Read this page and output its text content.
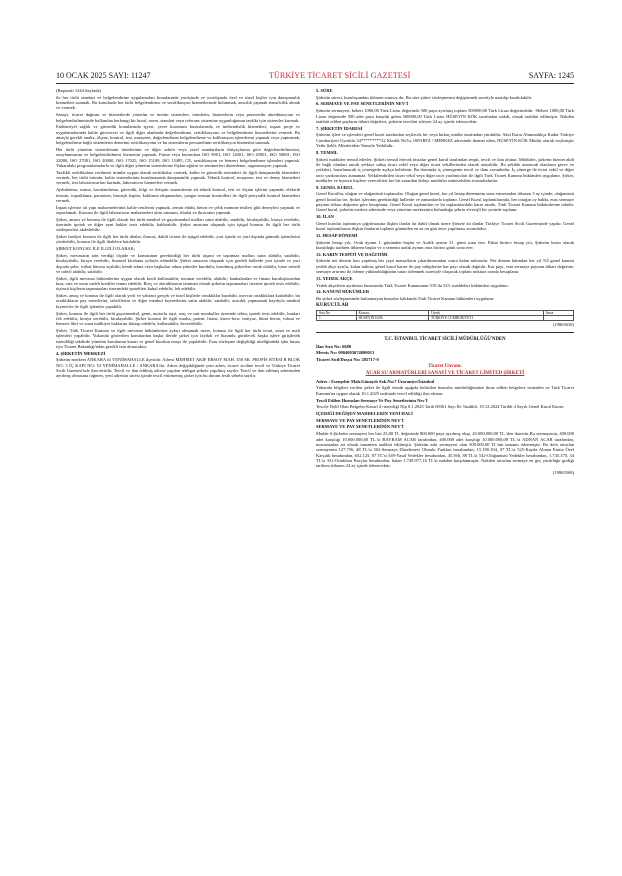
10 OCAK 2025 SAYI: 11247	TÜRKİYE TİCARET SİCİLİ GAZETESİ	SAYFA: 1245

(Baştarafı 1244.Sayfada)

ile her türlü standart ve belgelendirme uygulamaları konularında yurtiçinde ve yurtdışında özel ve tüzel kişiler için danışmanlık hizmetleri sunmak. Bu konularda her türlü belgelendirme ve sertifikasyon hizmetlerinde bulunmak, anıcılık yapmak temsilcilik almak ve vermek.

Sanayi, ticaret dağıtım ve hizmetlerde yönetim ve üretim sistemleri, ürünlerin, hizmetlerin veya personelin akreditasyonu ve belgelendirilmesinde kullanılan herhangi bir kural, norm, standart veya referans sistemine uygunluğunun tasdiki için sistemler kurmak.

Endüstriyel sağlık ve güvenlik konularında işyeri, çevre koruması hususlarında ve mühendislik hizmetleri, inşaat proje ve uygulamalarında kalite güvencesi ve ilgili diğer alanlarda değerlendirme, sertifikasyonu ve belgelendirme hizmetlerini vermek. Bu amaçla gerekli analiz, ölçme, kontrol, test, muayene, değerlendirme belgelendirme ve kalibrasyon işlemlerini yapmak veya yaptırmak, belgelendirme bağlı sistemlerin denetimi sertifikasyonu ve bu sistemlerin personelinin sertifikasyon hizmetini sunmak.

Her türlü yönetim sistemlerinin ürünlerinin ve diğer sektör veya yerel standartların ihtiyaçlarına göre değerlendirilmesini, onaylanmasını ve belgelendirilmesi hizmetini yapmak. Firma veya kurumlara ISO 9001, ISO 14001, ISO 45001, ISO 50001, ISO 22000, ISO 27001, ISO 20000, ISO 17025, ISO 15189, ISO 13485, CE, sertifikasyon ve benzeri belgelendirme işlemleri yapmak. Yukarıdaki programlamalarla ve ilgili diğer yönetim sistemlerine ilişkin eğitim ve seminerleri düzenleme, organizasyon yapmak.

Tasdikli sertifikalara verilmesi ürünler uygun olarak sertifikalar vermek, kalite ve güvenlik sistemleri ile ilgili danışmanlık hizmetleri vermek, her türlü ürünün, kalite sistemlerinin kurulmasında danışmanlık yapmak. Teknik kontrol, muayene, test ve deney hizmetleri vermek, test laboratuvarları kurmak, laboratuvar hizmetleri vermek.

Aydınlatma, ısıtma, havalandırma, güvenlik, bilgi ve iletişim sistemlerine ait teknik kontrol, test ve ölçüm işlerini yapmak; elektrik tesisatı, topraklama, paratoner, basınçlı kaplar, kaldırma ekipmanları, yangın tesisatı kontrolleri ile ilgili periyodik kontrol hizmetleri vermek.

İnşaat işlerine ait yapı malzemelerinin kalite testlerini yapmak, zemin etüdü, beton ve çelik numune testleri gibi deneyleri yapmak ve raporlamak. Konusu ile ilgili laboratuvar malzemeleri alım satımını, ithalat ve ihracatını yapmak.

Şirket, amacı ve konusu ile ilgili olarak her türlü menkul ve gayrimenkul malları satın alabilir, satabilir, kiralayabilir, kiraya verebilir, üzerinde ipotek ve diğer ayni haklar tesis edebilir, kaldırabilir. Şirket amacına ulaşmak için iştigal konusu ile ilgili her türlü sözleşmeleri akdedebilir.

Şirket faaliyet konusu ile ilgili her türlü ithalat, ihracat, dahili ticaret ile iştigal edebilir; yurt içinde ve yurt dışında gümrük işlemlerini yürütebilir, konusu ile ilgili ihalelere katılabilir.

ŞİRKET KONUSU İLE İLGİLİ OLARAK;

Şirket, mevzuatın izin verdiği ölçüde ve konusunun gerektirdiği her türlü taşınır ve taşınmaz malları satın alabilir, satabilir, kiralayabilir, kiraya verebilir, finansal kiralama yoluyla edinebilir. Şirket amacına ulaşmak için gerekli hallerde yurt içinde ve yurt dışında şube, irtibat bürosu açabilir; kendi adına veya başkaları adına şirketler kurabilir, kurulmuş şirketlere ortak olabilir, hisse senedi ve tahvil alabilir, satabilir.

Şirket, ilgili mevzuat hükümlerine uygun olarak kredi kullanabilir, teminat verebilir, alabilir; bankalardan ve finans kuruluşlarından kısa, orta ve uzun vadeli krediler temin edebilir. Borç ve alacaklarının teminatı olarak şirketin taşınmazları üzerine ipotek tesis edebilir, üçüncü kişilerin taşınmazları üzerindeki ipotekleri kabul edebilir, fek edebilir.

Şirket, amaç ve konusu ile ilgili olarak yerli ve yabancı gerçek ve tüzel kişilerle ortaklıklar kurabilir, mevcut ortaklıklara katılabilir; bu ortaklıkların pay senetlerini, tahvillerini ve diğer menkul kıymetlerini satın alabilir, satabilir; aracılık yapmamak kaydıyla menkul kıymetler ile ilgili işlemler yapabilir.

Şirket, konusu ile ilgili her türlü gayrimenkul, gemi, motorlu taşıt, araç ve sair menkuller üzerinde rehin, ipotek tesis edebilir, bunları fek edebilir, kiraya verebilir, kiralayabilir. Şirket konusu ile ilgili marka, patent, lisans, know-how, imtiyaz, ihtira beratı, ruhsat ve benzeri fikri ve sınai mülkiyet haklarını iktisap edebilir, kullanabilir, devredebilir.

Şirket, Türk Ticaret Kanunu ve ilgili mevzuat hükümlerine aykırı olmamak üzere, konusu ile ilgili her türlü ticari, sınai ve mali işlemleri yapabilir. Yukarıda gösterilen konulardan başka ileride şirket için faydalı ve lüzumlu görülecek başka işlere girişilmek istenildiği takdirde yönetim kurulunun kararı ve genel kurulun onayı ile yapılabilir. Esas sözleşme değişikliği niteliğindeki işbu husus için Ticaret Bakanlığı'ndan gerekli izin alınacaktır.

4. ŞİRKETİN MERKEZİ

Şirketin merkezi ANKARA ili YENİMAHALLE ilçesidir. Adresi MEHMET AKİF ERSOY MAH. 350 SK. PROFİS SİTESİ B BLOK NO: 3 İÇ KAPI NO: 53 YENİMAHALLE / ANKARA'dır. Adres değişikliğinde yeni adres, ticaret siciline tescil ve Türkiye Ticaret Sicili Gazetesi'nde ilan ettirilir. Tescil ve ilan edilmiş adrese yapılan tebligat şirkete yapılmış sayılır. Tescil ve ilan edilmiş adresinden ayrılmış olmasına rağmen, yeni adresini süresi içinde tescil ettirmemiş şirket için bu durum fesih sebebi sayılır.

5. SÜRE

Şirketin süresi, kuruluşundan itibaren sınırsız dır. Bu süre şirket sözleşmesini değiştirmek suretiyle uzatılıp kısaltılabilir.

6. SERMAYE VE PAY SENETLERİNİN NEV'İ

Şirketin sermayesi, beheri 1000,00 Türk Lirası değerinde 500 paya ayrılmış toplam 500000,00 Türk Lirası değerindedir. -Beheri 1000,00 Türk Lirası değerinde 500 adet paya karşılık gelen 500000,00 Türk Lirası HÜSEYİN KÖK tarafından nakdi, olarak taahhüt edilmiştir. Nakden taahhüt edilen payların itibari değerleri, şirketin tescilini izleyen 24 ay içinde ödenecektir.

7. ŞİRKETİN İDARESİ

Şirketin işleri ve işlemleri genel kurul tarafından seçilecek bir veya birkaç müdür tarafından yürütülür. Aksi Karar Alınmadıkça Kadar Türkiye Cumhuriyeti Uyruklu 34*********22 Kimlik No'lu, ISPARTA / MERKEZ adresinde ikamet eden, HÜSEYİN KÖK Müdür olarak seçilmiştir Yetki Şekli: Münferiden Temsile Yetkilidir.

8. TEMSİL

Şirketi müdürler temsil ederler. Şirketi temsil edecek imzalar genel kurul tarafından tespit, tescil ve ilan olunur. Müdürler, şirketin hizmet akdi ile bağlı olanları ancak yetkiye sahip ticari vekil veya diğer ticari vekillerinden olarak atayabilir. Bu şekilde atanacak olanların görev ve yetkileri, hazırlanacak iç yönergede açıkça belirlenir. Bu durumda iç yönergenin tescil ve ilanı zorunludur. İç yönerge ile ticari vekil ve diğer tacir yardımcıları atanamaz. Yetkilendirilen ticari vekil veya diğer tacir yardımcıları ile ilgili Türk Ticaret Kanunu hükümleri uygulanır. Şirket, müdürler ve üçüncü kişilere verecekleri her bir zarardan dolayı müdürler müteselsilen sorumludurlar.

9. GENEL KURUL

Genel Kurullar, olağan ve olağanüstü toplanırlar. Olağan genel kurul, her yıl hesap döneminin sona ermesinden itibaren 3 ay içinde; olağanüstü genel kurullar ise, Şirket işlerinin gerektirdiği hallerde ve zamanlarda toplanır. Genel Kurul toplantılarında, her ortağın oy hakkı, esas sermaye payının itibarı değerine göre hesaplanır. Genel Kurul toplantıları ve bu toplantılardaki karar nisabı, Türk Ticaret Kanunu hükümlerine tabidir. Genel kurul, şirketin merkez adresinde veya yönetim merkezinin bulunduğu şehrin elverişli bir yerinde toplanır.

10. İLAN

Genel kuruluı toplantıya çağrılmasına ilişkin ilanlar da dahil olmak üzere Şirkete ait ilanlar Türkiye Ticaret Sicili Gazetesinde yapılır. Genel kurul toplantılarına ilişkin ilanların toplantı gününden en az on gün önce yapılması zorunludur.

11. HESAP DÖNEMİ

Şirketin hesap yılı, Ocak ayının 1. gününden başlar ve Aralık ayının 31. günü sona erer. Fakat birinci hesap yılı, Şirketin kesin olarak kurulduğu tarihten itibaren başlar ve o senenin aralık ayının otuz birinci günü sona erer.

12. KARIN TESPİTİ VE DAĞITIMI

Şirketin net dönem karı yapılmış her çeşit masrafların çıkarılmasından sonra kalan miktardır. Net dönem kârından her yıl %5 genel kanuni yedek akçe ayrılır, kalan miktar, genel kurul kararı ile pay sahiplerine kar payı olarak dağıtılır. Kar payı, esas sermaye payının itibari değerine, sermaye artırımı ile ödeme yükümlülüğünün tutarı ödenmek suretiyle oluşacak toplam miktara oranla hesaplanır.

13. YEDEK AKÇE

Yedek akçelerin ayrılması hususunda Türk Ticaret Kanununun 519 ila 523. maddeleri hükümleri uygulanır.

14. KANUNİ HÜKÜMLER

Bu şirket sözleşmesinde bulunmayan hususlar hakkında Türk Ticaret Kanunu hükümleri uygulanır.

KURUCULAR

Sıra No	Kurucu	Uyruk	İmza
1	HÜSEYİN KÖK	TÜRKİYE CUMHURİYETİ	

(19865638)

T.C. İSTANBUL TİCARET SİCİLİ MÜDÜRLÜĞÜ'NDEN

İlan Sıra No: 6680

Mersis No: 0004003674000013

Ticaret Sicil/Dosya No: 285717-0

Ticaret Unvanı:

ACAR SU ARMATÜRLERİ SANAYİ VE TİCARET LİMİTED ŞİRKETİ

Adres : Esenşehir Mah.Günayılı Sok.No:7 Ümraniye/İstanbul

Yukarıda bilgileri verilen şirket ile ilgili olarak aşağıda belirtilen hususlar müdürlüğümüze ibraz edilen belgelere istinaden ve Türk Ticaret Kanunu'na uygun olarak 10.1.2025 tarihinde tescil edildiği ilan olunur.

Tescil Edilen Hususlar:Sermaye Ve Pay Senetlerinin Nev'İ

Tescile Delil Olan Belgeler:Kararl 2+noterliği Nin 8.1.2025 Tarih 00361 Sayı İle Tasdikli, 19.12.2024 Tarihli 4 Sayılı Genel Kurul Kararı

İÇERİĞİ DEĞİŞEN MADDELERİN YENİ HALİ

SERMAYE VE PAY SENETLERİNİN NEV'İ

SERMAYE VE PAY SENETLERİNİN NEV'İ

Madde 6-Şirketin sermayesi her biri 25,00 TL değerinde 800.000 paya ayrılmış olup, 20.000.000,00 TL.'den ibarettir.Bu sermayenin, 400.000 adet karşılığı 10.000.000,00 TL.'si BAYRAM ACAR tarafından, 400.000 adet karşılığı 10.000.000,00 TL.'si ADNAN ACAR tarafından, muvazaadan ari olarak tamamen taahhüt edilmiştir. Şirketin eski sermayesi olan 500.000,00 TL'nin tamamı ödenmiştir. Bu defa artırılan sermayenin 127.756, 48 TL'si 502-Sermaye Düzeltmesi Olumlu Farkları hesabından, 15.180.104, 07 TL'si 525-Kayda Alınan Emtia Özel Karşılık hesabından, 652.125, 07 TL'si 549-Yasal Yedekler hesabından, 45.566, 88 TL'si 542-Olağanüstü Yedekler hesabından, 1.745.370, 34 TL'si 331-Ortaklara Borçlar hesabından, kalan 1.749.077,16 TL'si nakden karşılanmıştır. Nakden artırılan sermaye en geç yürürlüğe girdiği tarihten itibaren 24 ay içinde ödenecektir.

(19865568)
